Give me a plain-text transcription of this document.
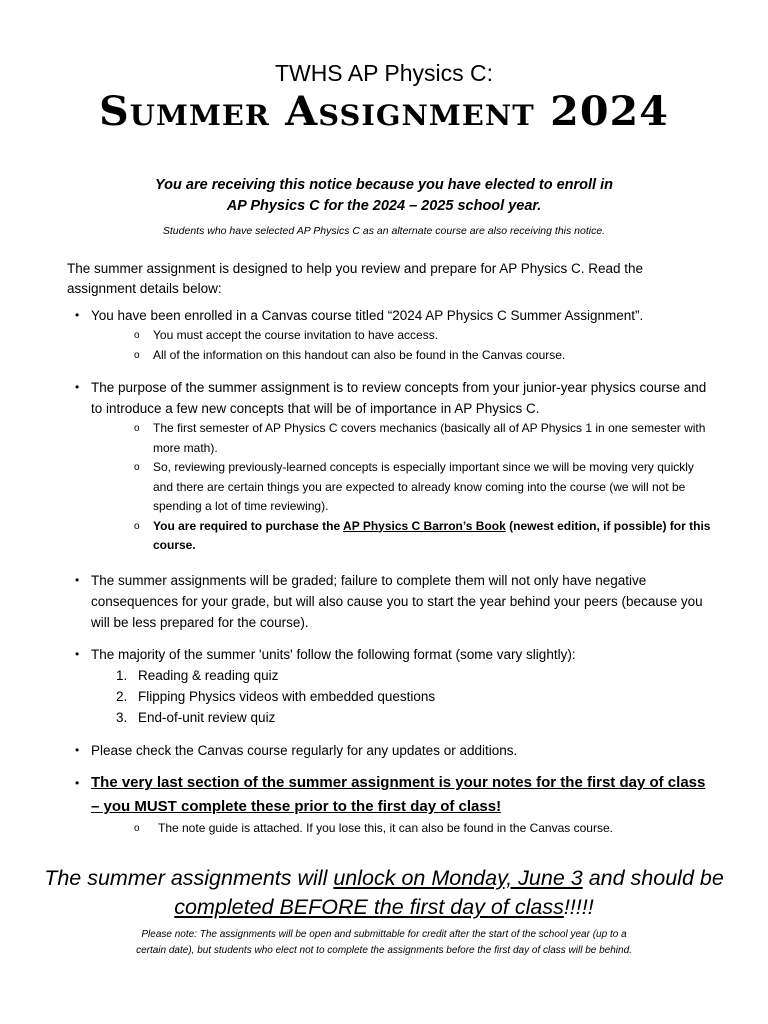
TWHS AP Physics C:
Summer Assignment 2024
You are receiving this notice because you have elected to enroll in
AP Physics C for the 2024 – 2025 school year.
Students who have selected AP Physics C as an alternate course are also receiving this notice.
The summer assignment is designed to help you review and prepare for AP Physics C. Read the assignment details below:
• You have been enrolled in a Canvas course titled “2024 AP Physics C Summer Assignment”.
o You must accept the course invitation to have access.
o All of the information on this handout can also be found in the Canvas course.
• The purpose of the summer assignment is to review concepts from your junior-year physics course and to introduce a few new concepts that will be of importance in AP Physics C.
o The first semester of AP Physics C covers mechanics (basically all of AP Physics 1 in one semester with more math).
o So, reviewing previously-learned concepts is especially important since we will be moving very quickly and there are certain things you are expected to already know coming into the course (we will not be spending a lot of time reviewing).
o You are required to purchase the AP Physics C Barron’s Book (newest edition, if possible) for this course.
• The summer assignments will be graded; failure to complete them will not only have negative consequences for your grade, but will also cause you to start the year behind your peers (because you will be less prepared for the course).
• The majority of the summer 'units' follow the following format (some vary slightly):
1. Reading & reading quiz
2. Flipping Physics videos with embedded questions
3. End-of-unit review quiz
• Please check the Canvas course regularly for any updates or additions.
• The very last section of the summer assignment is your notes for the first day of class – you MUST complete these prior to the first day of class!
o The note guide is attached. If you lose this, it can also be found in the Canvas course.
The summer assignments will unlock on Monday, June 3 and should be
completed BEFORE the first day of class!!!!!
Please note: The assignments will be open and submittable for credit after the start of the school year (up to a
certain date), but students who elect not to complete the assignments before the first day of class will be behind.
